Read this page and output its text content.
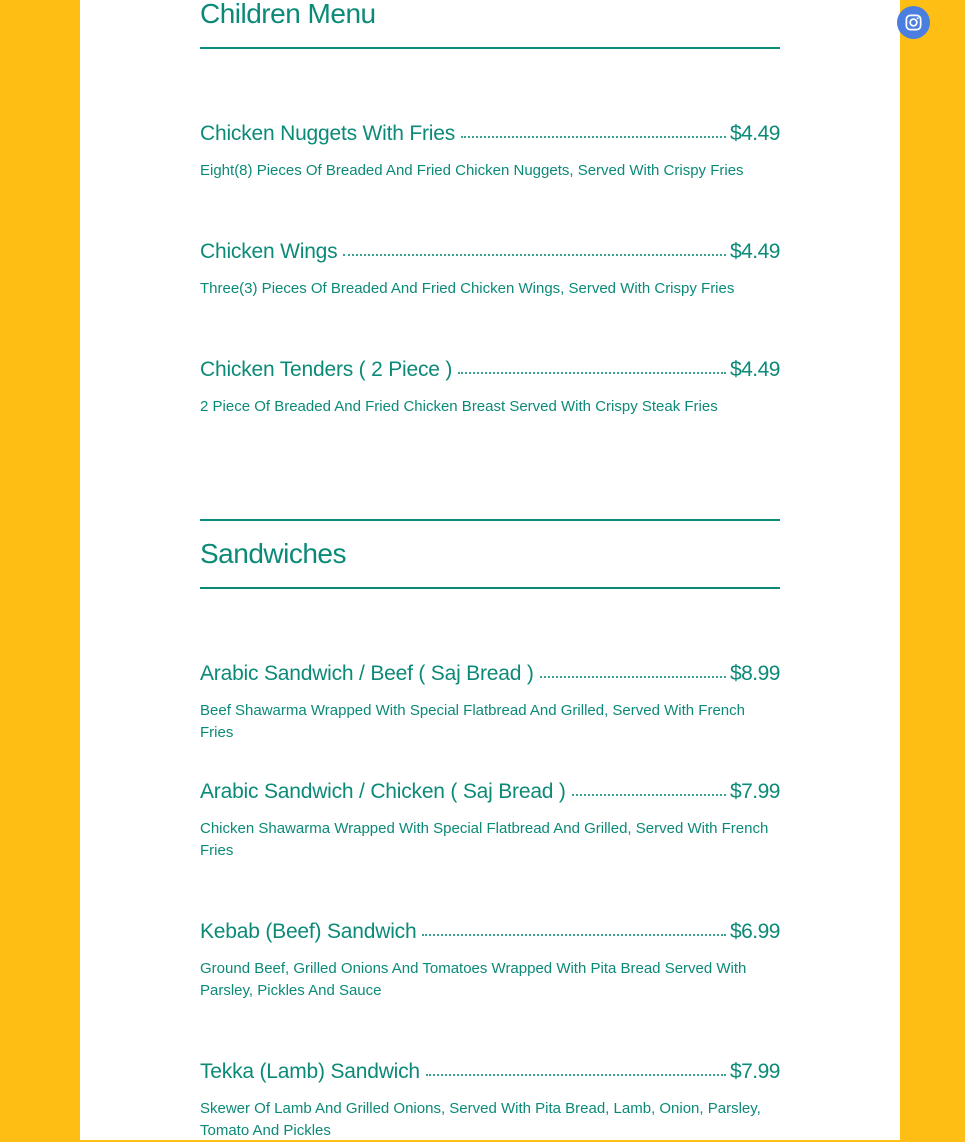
Children Menu
Chicken Nuggets With Fries	$4.49
Eight(8) Pieces Of Breaded And Fried Chicken Nuggets, Served With Crispy Fries
Chicken Wings	$4.49
Three(3) Pieces Of Breaded And Fried Chicken Wings, Served With Crispy Fries
Chicken Tenders ( 2 Piece )	$4.49
2 Piece Of Breaded And Fried Chicken Breast Served With Crispy Steak Fries
Sandwiches
Arabic Sandwich / Beef ( Saj Bread )	$8.99
Beef Shawarma Wrapped With Special Flatbread And Grilled, Served With French Fries
Arabic Sandwich / Chicken ( Saj Bread )	$7.99
Chicken Shawarma Wrapped With Special Flatbread And Grilled, Served With French Fries
Kebab (Beef) Sandwich	$6.99
Ground Beef, Grilled Onions And Tomatoes Wrapped With Pita Bread Served With Parsley, Pickles And Sauce
Tekka (Lamb) Sandwich	$7.99
Skewer Of Lamb And Grilled Onions, Served With Pita Bread, Lamb, Onion, Parsley, Tomato And Pickles
